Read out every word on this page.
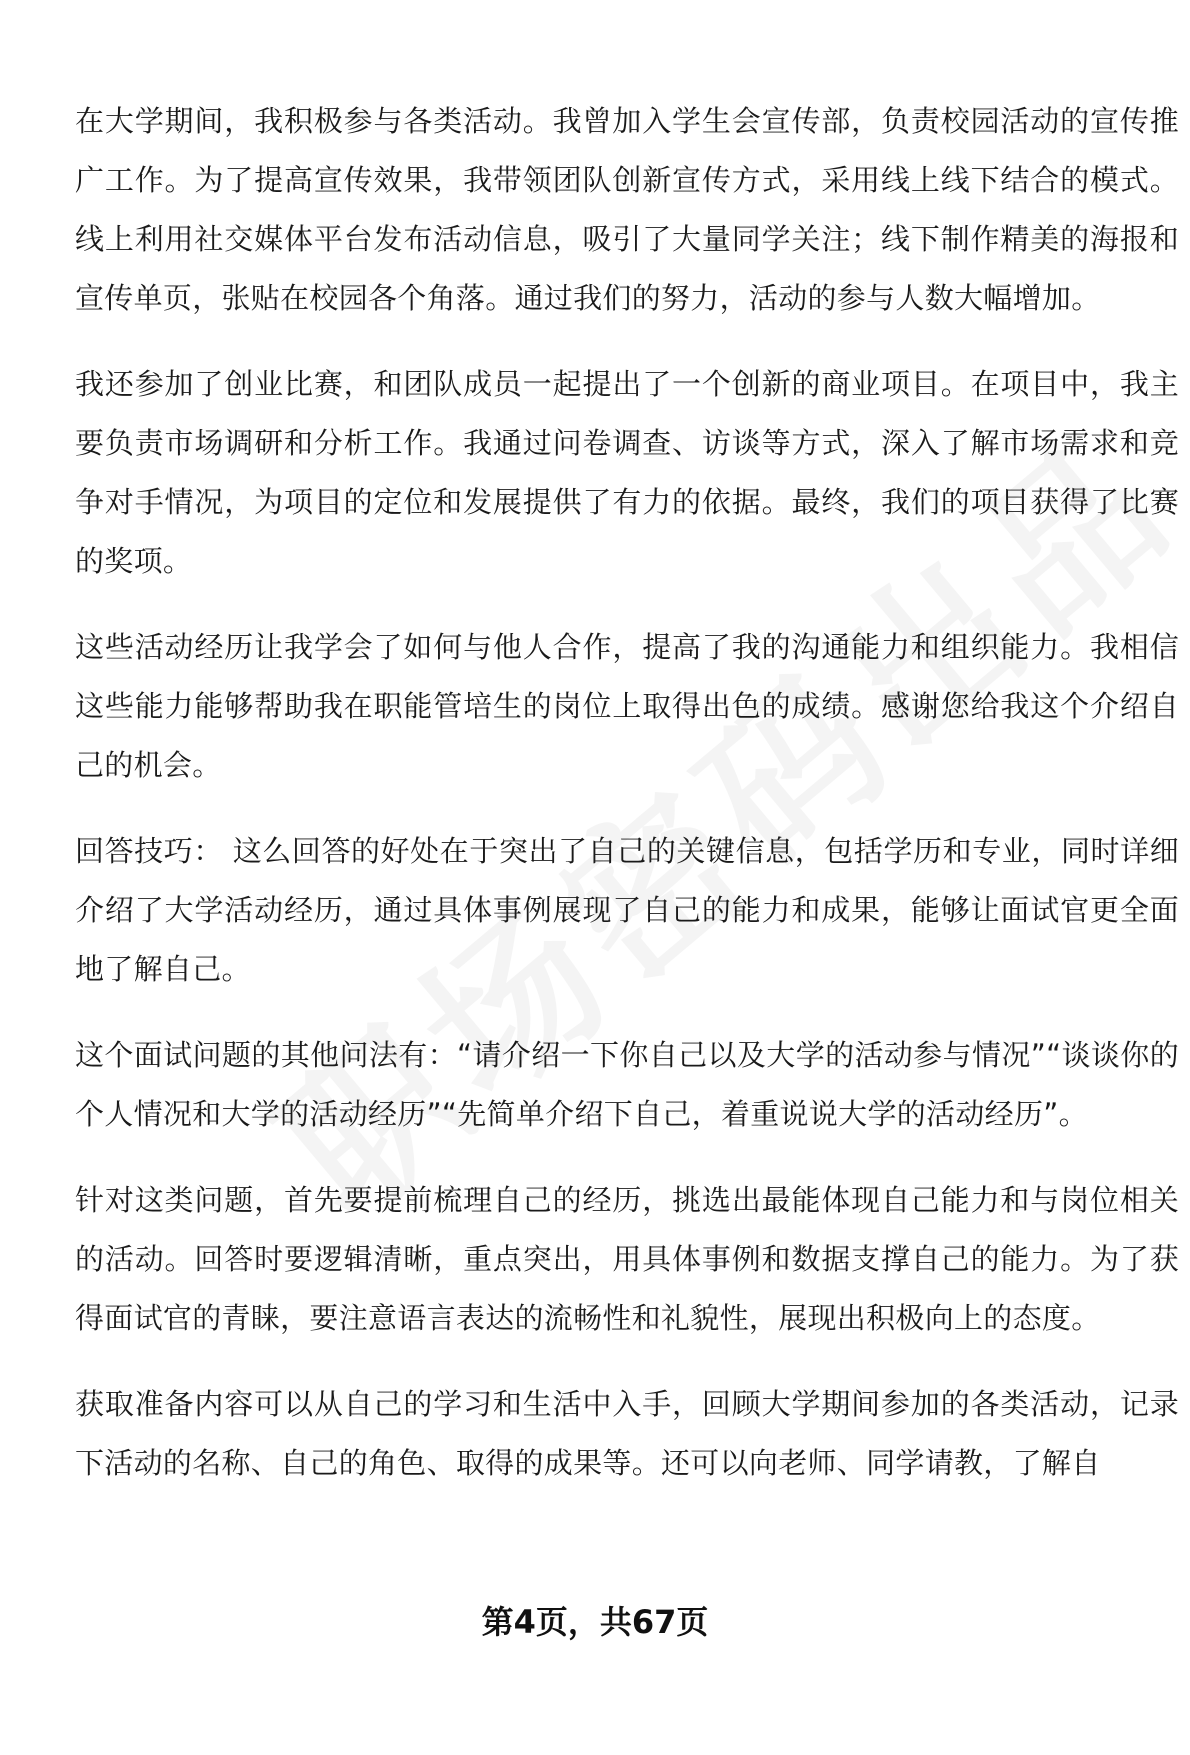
在大学期间，我积极参与各类活动。我曾加入学生会宣传部，负责校园活动的宣传推广工作。为了提高宣传效果，我带领团队创新宣传方式，采用线上线下结合的模式。线上利用社交媒体平台发布活动信息，吸引了大量同学关注；线下制作精美的海报和宣传单页，张贴在校园各个角落。通过我们的努力，活动的参与人数大幅增加。

我还参加了创业比赛，和团队成员一起提出了一个创新的商业项目。在项目中，我主要负责市场调研和分析工作。我通过问卷调查、访谈等方式，深入了解市场需求和竞争对手情况，为项目的定位和发展提供了有力的依据。最终，我们的项目获得了比赛的奖项。

这些活动经历让我学会了如何与他人合作，提高了我的沟通能力和组织能力。我相信这些能力能够帮助我在职能管培生的岗位上取得出色的成绩。感谢您给我这个介绍自己的机会。

回答技巧： 这么回答的好处在于突出了自己的关键信息，包括学历和专业，同时详细介绍了大学活动经历，通过具体事例展现了自己的能力和成果，能够让面试官更全面地了解自己。

这个面试问题的其他问法有：“请介绍一下你自己以及大学的活动参与情况”“谈谈你的个人情况和大学的活动经历”“先简单介绍下自己，着重说说大学的活动经历”。

针对这类问题，首先要提前梳理自己的经历，挑选出最能体现自己能力和与岗位相关的活动。回答时要逻辑清晰，重点突出，用具体事例和数据支撑自己的能力。为了获得面试官的青睐，要注意语言表达的流畅性和礼貌性，展现出积极向上的态度。

获取准备内容可以从自己的学习和生活中入手，回顾大学期间参加的各类活动，记录下活动的名称、自己的角色、取得的成果等。还可以向老师、同学请教，了解自

第4页，共67页
